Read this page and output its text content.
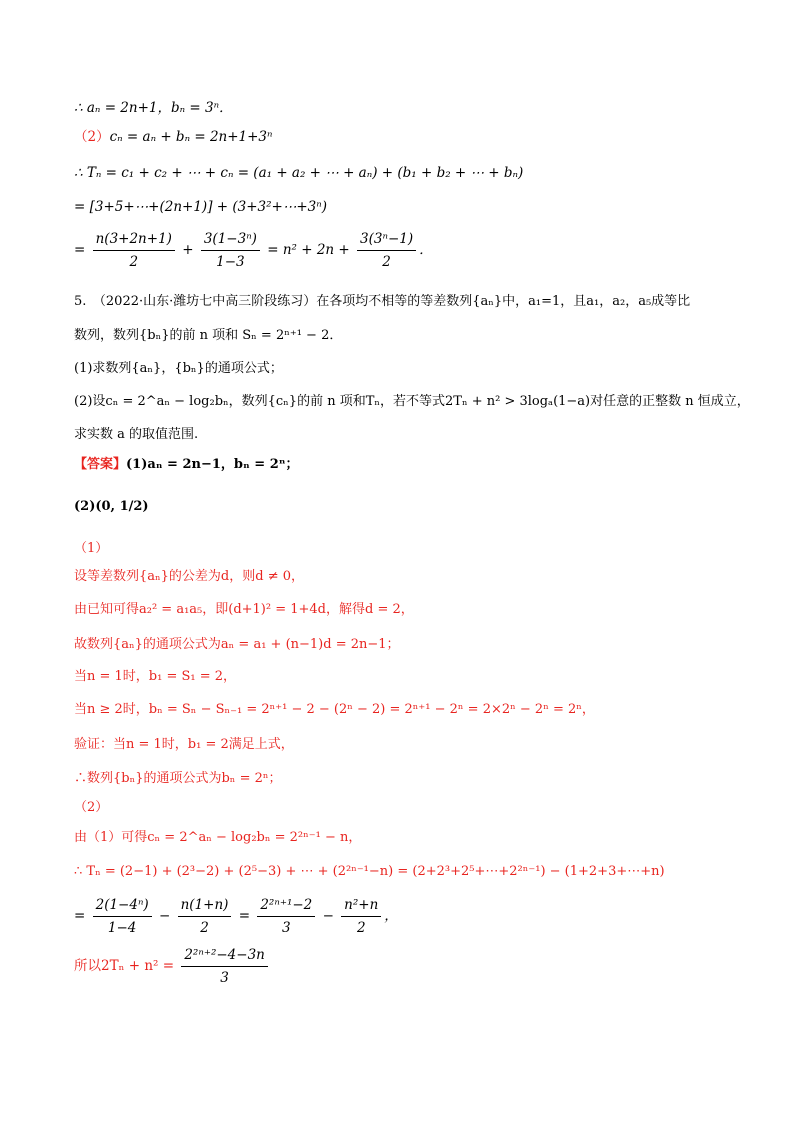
∴ aₙ = 2n+1，bₙ = 3ⁿ．
（2）cₙ = aₙ + bₙ = 2n+1+3ⁿ
∴ Tₙ = c₁ + c₂ + ⋯ + cₙ = (a₁ + a₂ + ⋯ + aₙ) + (b₁ + b₂ + ⋯ + bₙ)
= [3+5+⋯+(2n+1)] + (3+3²+⋯+3ⁿ)
= $\frac{n(3+2n+1)}{2} + \frac{\text{3(1−3ⁿ)}}{1-3} = n^2 + 2n + \frac{\text{3(3ⁿ−1)}}{2}$ ．
5.　（2022·山东·潍坊七中高三阶段练习）在各项均不相等的等差数列{aₙ}中，a₁=1，且a₁，a₂，a₅成等比
数列，数列{bₙ}的前 n 项和 Sₙ = 2ⁿ⁺¹ − 2．
(1)求数列{aₙ}，{bₙ}的通项公式；
(2)设cₙ = 2^aₙ − log₂bₙ，数列{cₙ}的前 n 项和Tₙ，若不等式2Tₙ + n² > 3logₐ(1−a)对任意的正整数 n 恒成立，
求实数 a 的取值范围.
【答案】(1)aₙ = 2n−1，bₙ = 2ⁿ；
(2)(0, 1/2)
（1）
设等差数列{aₙ}的公差为d，则d ≠ 0，
由已知可得a₂² = a₁a₅，即(d+1)² = 1+4d，解得d = 2，
故数列{aₙ}的通项公式为aₙ = a₁ + (n−1)d = 2n−1；
当n = 1时，b₁ = S₁ = 2，
当n ≥ 2时，bₙ = Sₙ − Sₙ₋₁ = 2ⁿ⁺¹ − 2 − (2ⁿ − 2) = 2ⁿ⁺¹ − 2ⁿ = 2×2ⁿ − 2ⁿ = 2ⁿ，
验证：当n = 1时，b₁ = 2满足上式，
∴数列{bₙ}的通项公式为bₙ = 2ⁿ；
（2）
由（1）可得cₙ = 2^aₙ − log₂bₙ = 2²ⁿ⁻¹ − n，
∴ Tₙ = (2−1) + (2³−2) + (2⁵−3) + ⋯ + (2²ⁿ⁻¹−n) = (2+2³+2⁵+⋯+2²ⁿ⁻¹) − (1+2+3+⋯+n)
= $\frac{\text{2(1−4ⁿ)}}{1-4} - \frac{n(1+n)}{2} = \frac{\text{2²ⁿ⁺¹−2}}{3} - \frac{\text{n²+n}}{2}$ ，
所以$2T_n + n^2 = \frac{\text{2²ⁿ⁺²−4−3n}}{3}$
